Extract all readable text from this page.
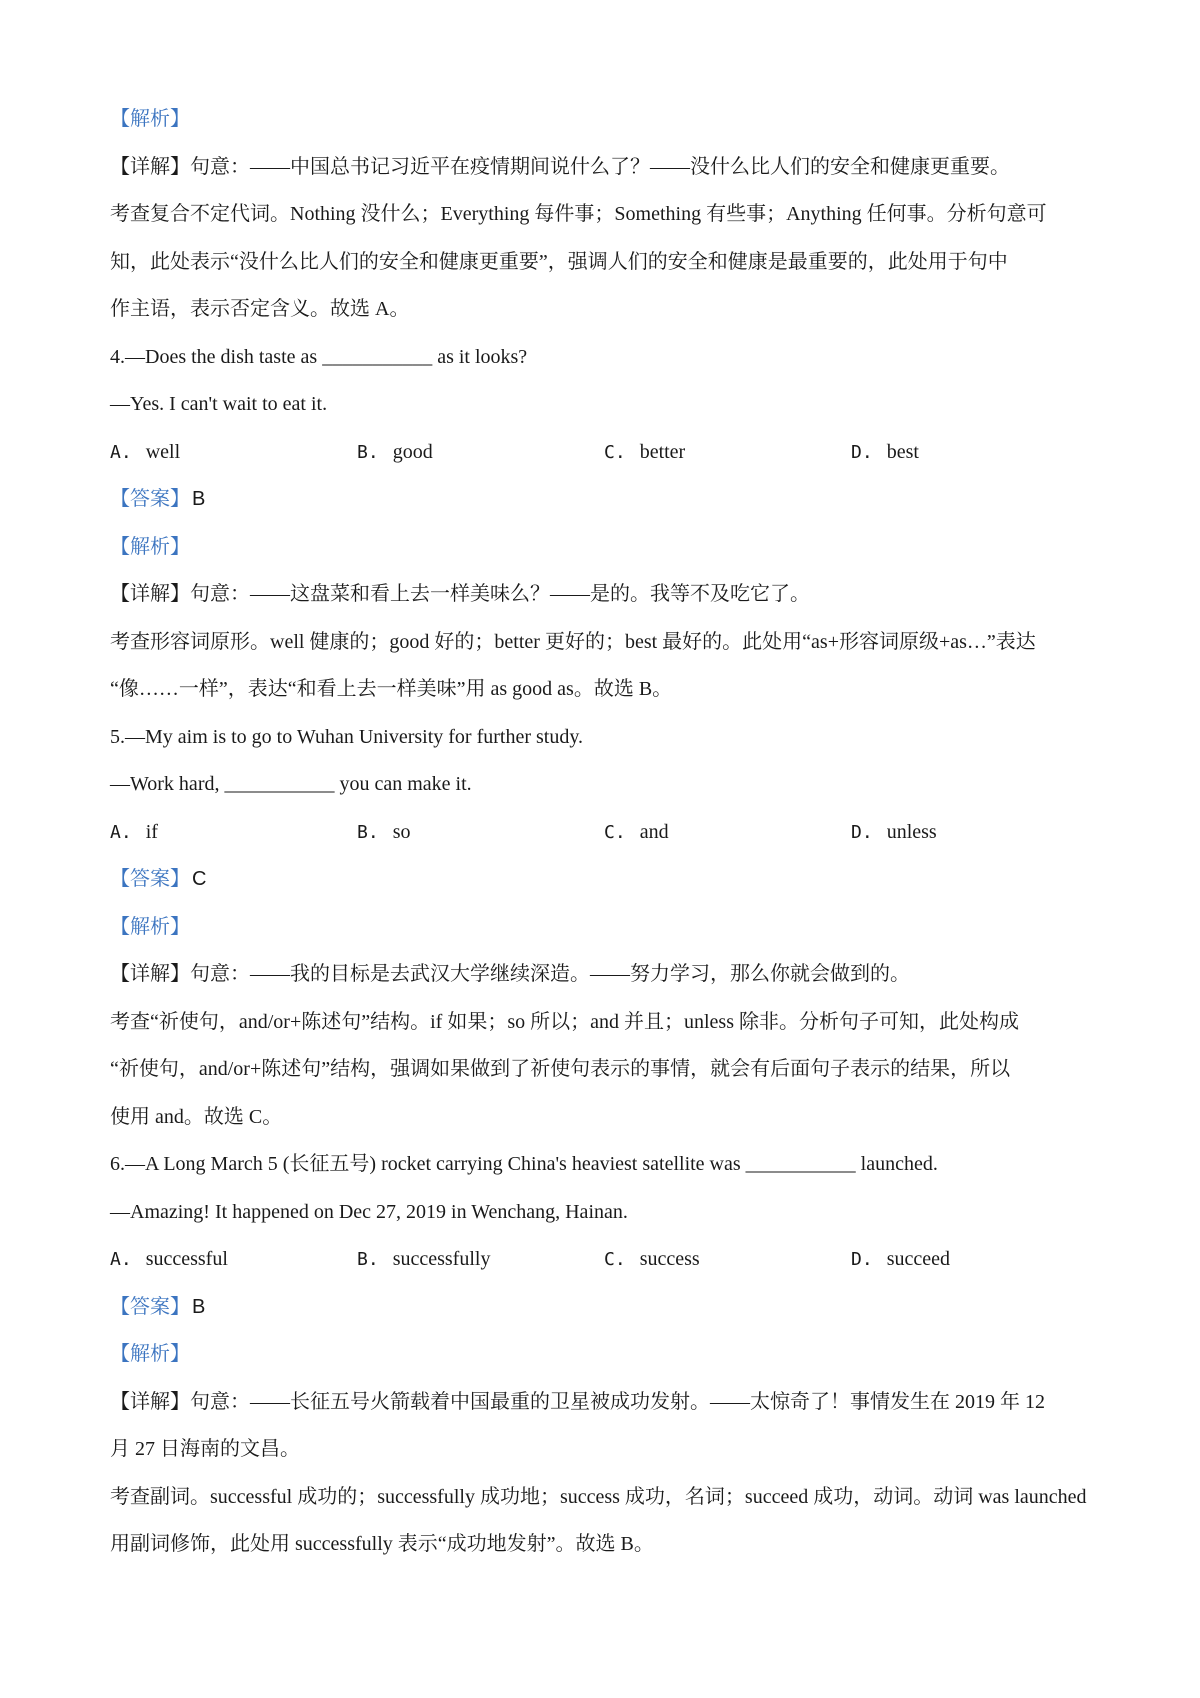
【解析】
【详解】句意：——中国总书记习近平在疫情期间说什么了？——没什么比人们的安全和健康更重要。
考查复合不定代词。Nothing 没什么；Everything 每件事；Something 有些事；Anything 任何事。分析句意可
知，此处表示“没什么比人们的安全和健康更重要”，强调人们的安全和健康是最重要的，此处用于句中
作主语，表示否定含义。故选 A。
4.—Does the dish taste as ___________ as it looks?
—Yes. I can't wait to eat it.
A. well	B. good	C. better	D. best
【答案】 B
【解析】
【详解】句意：——这盘菜和看上去一样美味么？——是的。我等不及吃它了。
考查形容词原形。well 健康的；good 好的；better 更好的；best 最好的。此处用“as+形容词原级+as…”表达
“像……一样”，表达“和看上去一样美味”用 as good as。故选 B。
5.—My aim is to go to Wuhan University for further study.
—Work hard, ___________ you can make it.
A. if	B. so	C. and	D. unless
【答案】 C
【解析】
【详解】句意：——我的目标是去武汉大学继续深造。——努力学习，那么你就会做到的。
考查“祈使句，and/or+陈述句”结构。if 如果；so 所以；and 并且；unless 除非。分析句子可知，此处构成
“祈使句，and/or+陈述句”结构，强调如果做到了祈使句表示的事情，就会有后面句子表示的结果，所以
使用 and。故选 C。
6.—A Long March 5 (长征五号) rocket carrying China's heaviest satellite was ___________ launched.
—Amazing! It happened on Dec 27, 2019 in Wenchang, Hainan.
A. successful	B. successfully	C. success	D. succeed
【答案】 B
【解析】
【详解】句意：——长征五号火箭载着中国最重的卫星被成功发射。——太惊奇了！事情发生在 2019 年 12
月 27 日海南的文昌。
考查副词。successful 成功的；successfully 成功地；success 成功，名词；succeed 成功，动词。动词 was launched
用副词修饰，此处用 successfully 表示“成功地发射”。故选 B。
